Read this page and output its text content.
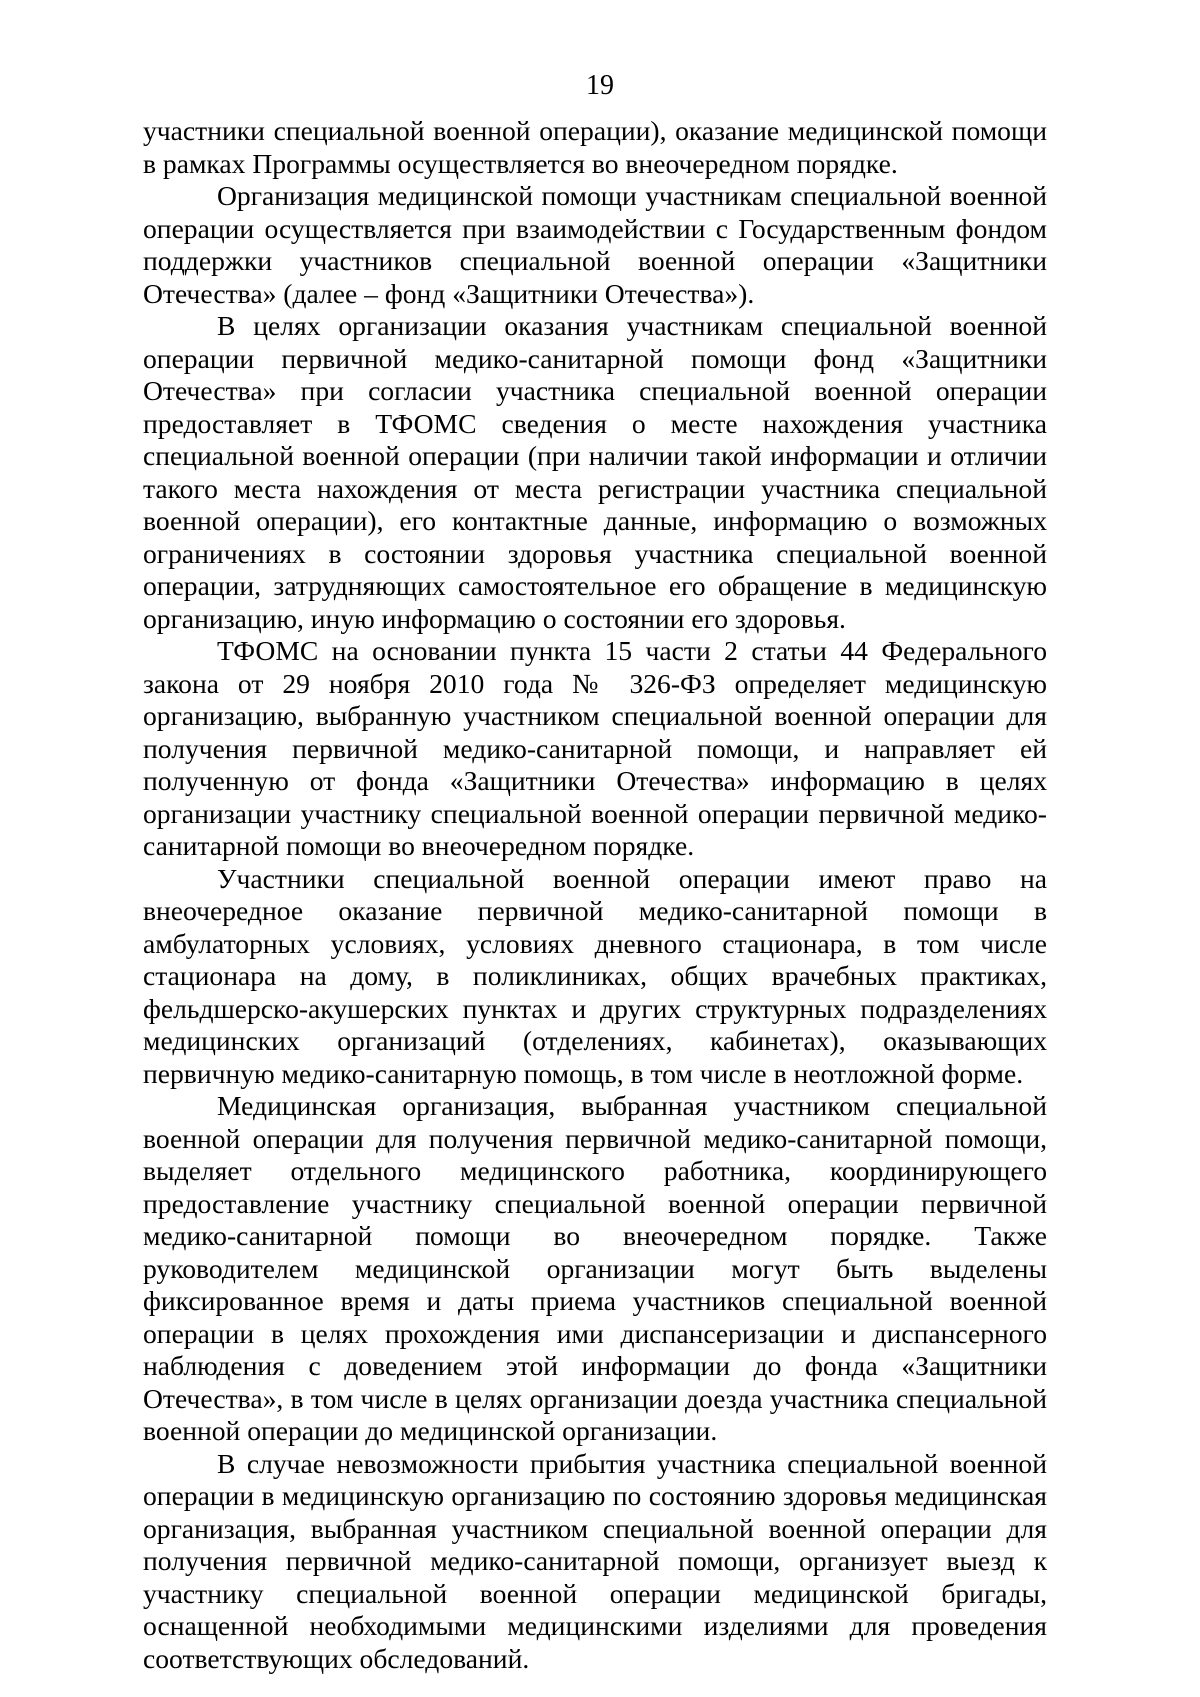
19

участники специальной военной операции), оказание медицинской помощи в рамках Программы осуществляется во внеочередном порядке.

Организация медицинской помощи участникам специальной военной операции осуществляется при взаимодействии с Государственным фондом поддержки участников специальной военной операции «Защитники Отечества» (далее – фонд «Защитники Отечества»).

В целях организации оказания участникам специальной военной операции первичной медико-санитарной помощи фонд «Защитники Отечества» при согласии участника специальной военной операции предоставляет в ТФОМС сведения о месте нахождения участника специальной военной операции (при наличии такой информации и отличии такого места нахождения от места регистрации участника специальной военной операции), его контактные данные, информацию о возможных ограничениях в состоянии здоровья участника специальной военной операции, затрудняющих самостоятельное его обращение в медицинскую организацию, иную информацию о состоянии его здоровья.

ТФОМС на основании пункта 15 части 2 статьи 44 Федерального закона от 29 ноября 2010 года № 326-ФЗ определяет медицинскую организацию, выбранную участником специальной военной операции для получения первичной медико-санитарной помощи, и направляет ей полученную от фонда «Защитники Отечества» информацию в целях организации участнику специальной военной операции первичной медико-санитарной помощи во внеочередном порядке.

Участники специальной военной операции имеют право на внеочередное оказание первичной медико-санитарной помощи в амбулаторных условиях, условиях дневного стационара, в том числе стационара на дому, в поликлиниках, общих врачебных практиках, фельдшерско-акушерских пунктах и других структурных подразделениях медицинских организаций (отделениях, кабинетах), оказывающих первичную медико-санитарную помощь, в том числе в неотложной форме.

Медицинская организация, выбранная участником специальной военной операции для получения первичной медико-санитарной помощи, выделяет отдельного медицинского работника, координирующего предоставление участнику специальной военной операции первичной медико-санитарной помощи во внеочередном порядке. Также руководителем медицинской организации могут быть выделены фиксированное время и даты приема участников специальной военной операции в целях прохождения ими диспансеризации и диспансерного наблюдения с доведением этой информации до фонда «Защитники Отечества», в том числе в целях организации доезда участника специальной военной операции до медицинской организации.

В случае невозможности прибытия участника специальной военной операции в медицинскую организацию по состоянию здоровья медицинская организация, выбранная участником специальной военной операции для получения первичной медико-санитарной помощи, организует выезд к участнику специальной военной операции медицинской бригады, оснащенной необходимыми медицинскими изделиями для проведения соответствующих обследований.
